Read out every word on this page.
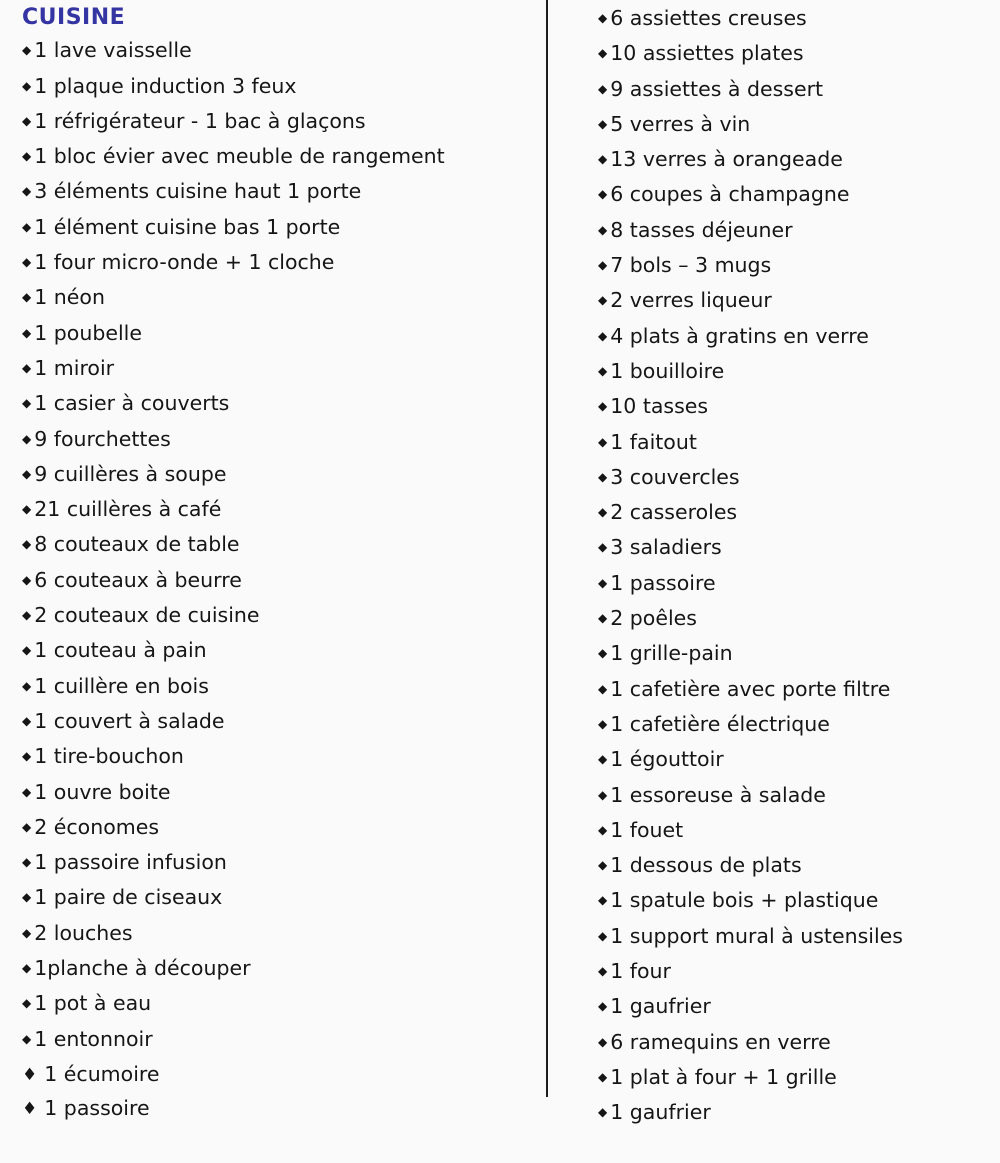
CUISINE
◆ 1 lave vaisselle
◆ 1 plaque induction 3 feux
◆ 1 réfrigérateur - 1 bac à glaçons
◆ 1 bloc évier avec meuble de rangement
◆ 3 éléments cuisine haut 1 porte
◆ 1 élément cuisine bas 1 porte
◆ 1 four micro-onde + 1 cloche
◆ 1 néon
◆ 1 poubelle
◆ 1 miroir
◆ 1 casier à couverts
◆ 9 fourchettes
◆ 9 cuillères à soupe
◆ 21 cuillères à café
◆ 8 couteaux de table
◆ 6 couteaux à beurre
◆ 2 couteaux de cuisine
◆ 1 couteau à pain
◆ 1 cuillère en bois
◆ 1 couvert à salade
◆ 1 tire-bouchon
◆ 1 ouvre boite
◆ 2 économes
◆ 1 passoire infusion
◆ 1 paire de ciseaux
◆ 2 louches
◆ 1planche à découper
◆ 1 pot à eau
◆ 1 entonnoir
♦ 1 écumoire
♦ 1 passoire
◆ 6 assiettes creuses
◆ 10 assiettes plates
◆ 9 assiettes à dessert
◆ 5 verres à vin
◆ 13 verres à orangeade
◆ 6 coupes à champagne
◆ 8 tasses déjeuner
◆ 7 bols – 3 mugs
◆ 2 verres liqueur
◆ 4 plats à gratins en verre
◆ 1 bouilloire
◆ 10 tasses
◆ 1 faitout
◆ 3 couvercles
◆ 2 casseroles
◆ 3 saladiers
◆ 1 passoire
◆ 2 poêles
◆ 1 grille-pain
◆ 1 cafetière avec porte filtre
◆ 1 cafetière électrique
◆ 1 égouttoir
◆ 1 essoreuse à salade
◆ 1 fouet
◆ 1 dessous de plats
◆ 1 spatule bois + plastique
◆ 1 support mural à ustensiles
◆ 1 four
◆ 1 gaufrier
◆ 6 ramequins en verre
◆ 1 plat à four + 1 grille
◆ 1 gaufrier
